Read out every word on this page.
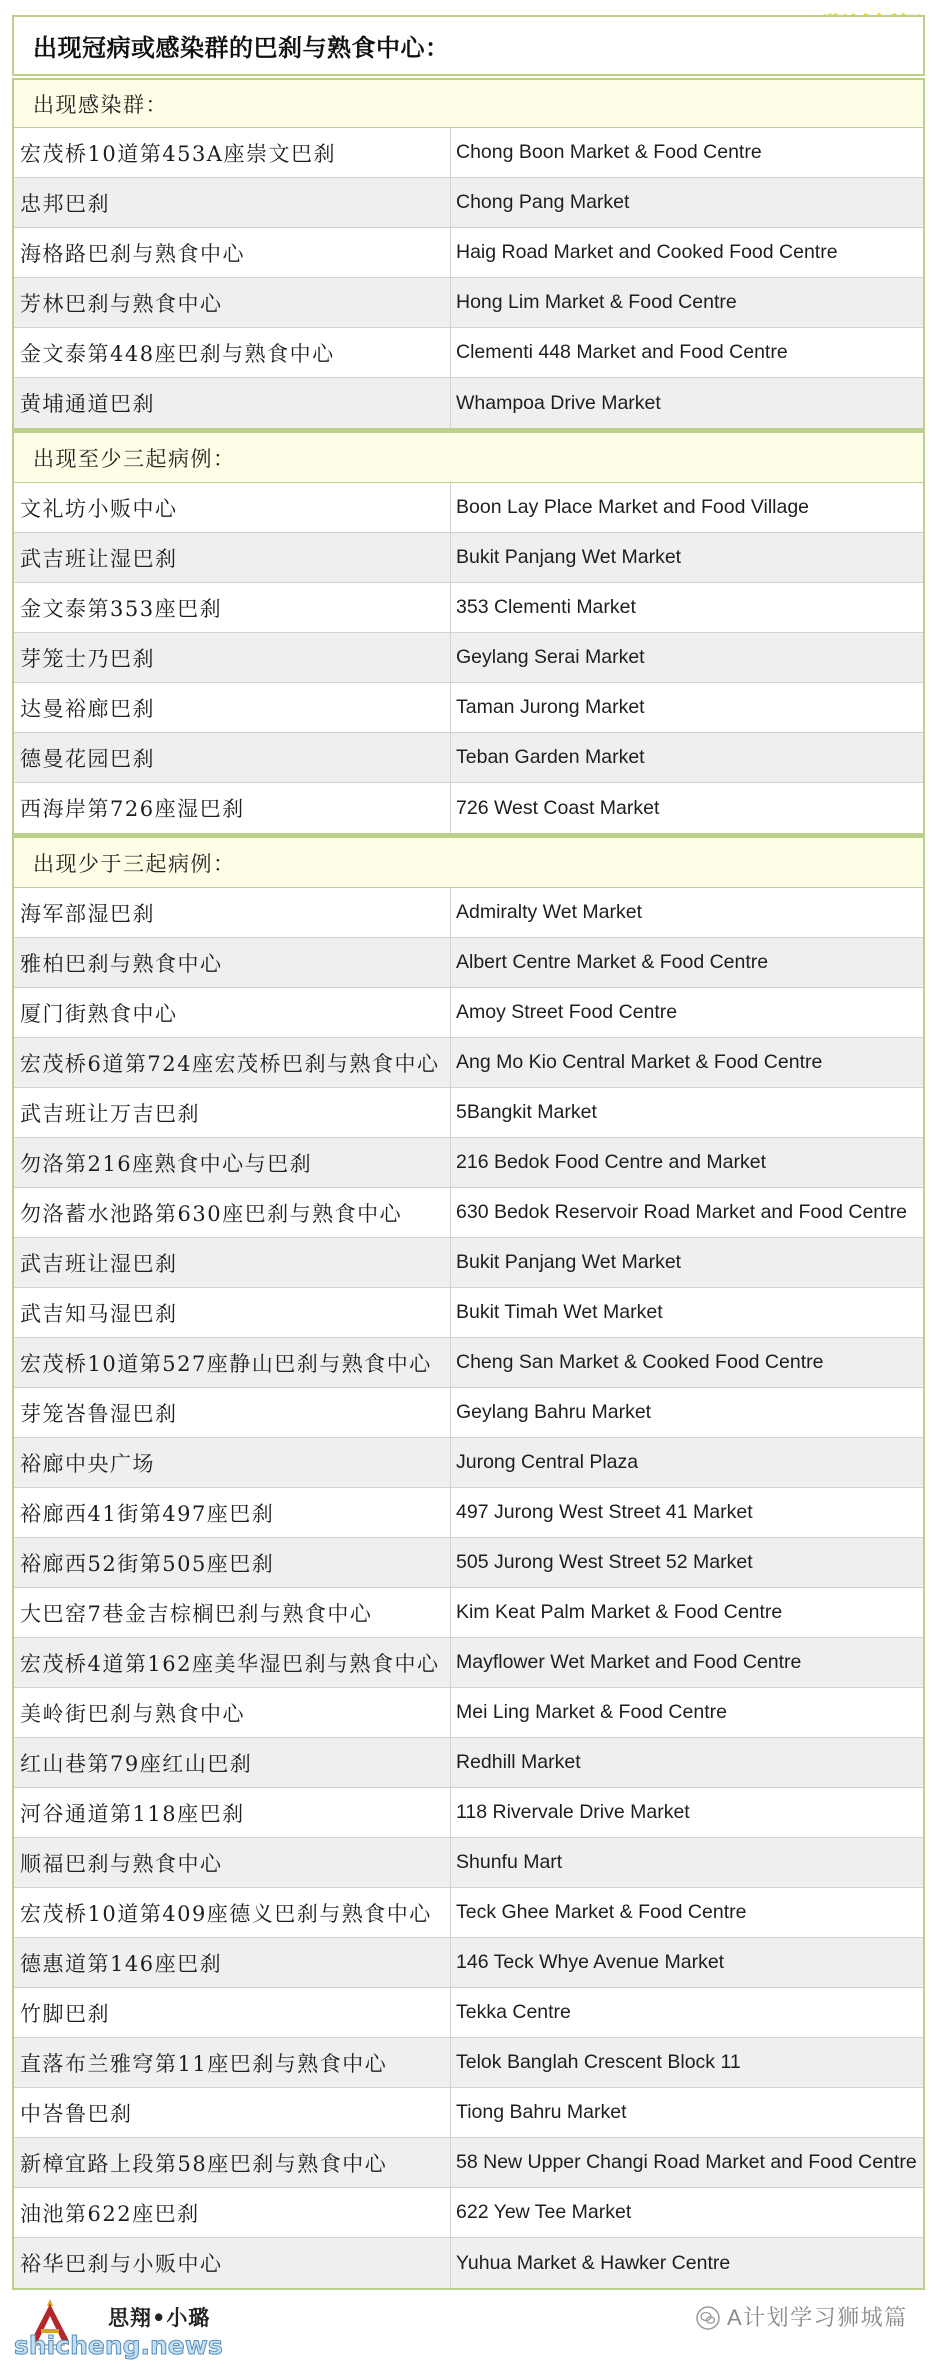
出现冠病或感染群的巴刹与熟食中心：
出现感染群：
宏茂桥10道第453A座崇文巴刹	Chong Boon Market & Food Centre
忠邦巴刹	Chong Pang Market
海格路巴刹与熟食中心	Haig Road Market and Cooked Food Centre
芳林巴刹与熟食中心	Hong Lim Market & Food Centre
金文泰第448座巴刹与熟食中心	Clementi 448 Market and Food Centre
黄埔通道巴刹	Whampoa Drive Market
出现至少三起病例：
文礼坊小贩中心	Boon Lay Place Market and Food Village
武吉班让湿巴刹	Bukit Panjang Wet Market
金文泰第353座巴刹	353 Clementi Market
芽笼士乃巴刹	Geylang Serai Market
达曼裕廊巴刹	Taman Jurong Market
德曼花园巴刹	Teban Garden Market
西海岸第726座湿巴刹	726 West Coast Market
出现少于三起病例：
海军部湿巴刹	Admiralty Wet Market
雅柏巴刹与熟食中心	Albert Centre Market & Food Centre
厦门街熟食中心	Amoy Street Food Centre
宏茂桥6道第724座宏茂桥巴刹与熟食中心 Ang Mo Kio Central Market & Food Centre
武吉班让万吉巴刹	5Bangkit Market
勿洛第216座熟食中心与巴刹	216 Bedok Food Centre and Market
勿洛蓄水池路第630座巴刹与熟食中心	630 Bedok Reservoir Road Market and Food Centre
武吉班让湿巴刹	Bukit Panjang Wet Market
武吉知马湿巴刹	Bukit Timah Wet Market
宏茂桥10道第527座静山巴刹与熟食中心	Cheng San Market & Cooked Food Centre
芽笼峇鲁湿巴刹	Geylang Bahru Market
裕廊中央广场	Jurong Central Plaza
裕廊西41街第497座巴刹	497 Jurong West Street 41 Market
裕廊西52街第505座巴刹	505 Jurong West Street 52 Market
大巴窑7巷金吉棕榈巴刹与熟食中心	Kim Keat Palm Market & Food Centre
宏茂桥4道第162座美华湿巴刹与熟食中心 Mayflower Wet Market and Food Centre
美岭街巴刹与熟食中心	Mei Ling Market & Food Centre
红山巷第79座红山巴刹	Redhill Market
河谷通道第118座巴刹	118 Rivervale Drive Market
顺福巴刹与熟食中心	Shunfu Mart
宏茂桥10道第409座德义巴刹与熟食中心	Teck Ghee Market & Food Centre
德惠道第146座巴刹	146 Teck Whye Avenue Market
竹脚巴刹	Tekka Centre
直落布兰雅穹第11座巴刹与熟食中心	Telok Banglah Crescent Block 11
中峇鲁巴刹	Tiong Bahru Market
新樟宜路上段第58座巴刹与熟食中心	58 New Upper Changi Road Market and Food Centre
油池第622座巴刹	622 Yew Tee Market
裕华巴刹与小贩中心	Yuhua Market & Hawker Centre
思翔•小璐
shicheng.news
A计划学习狮城篇
